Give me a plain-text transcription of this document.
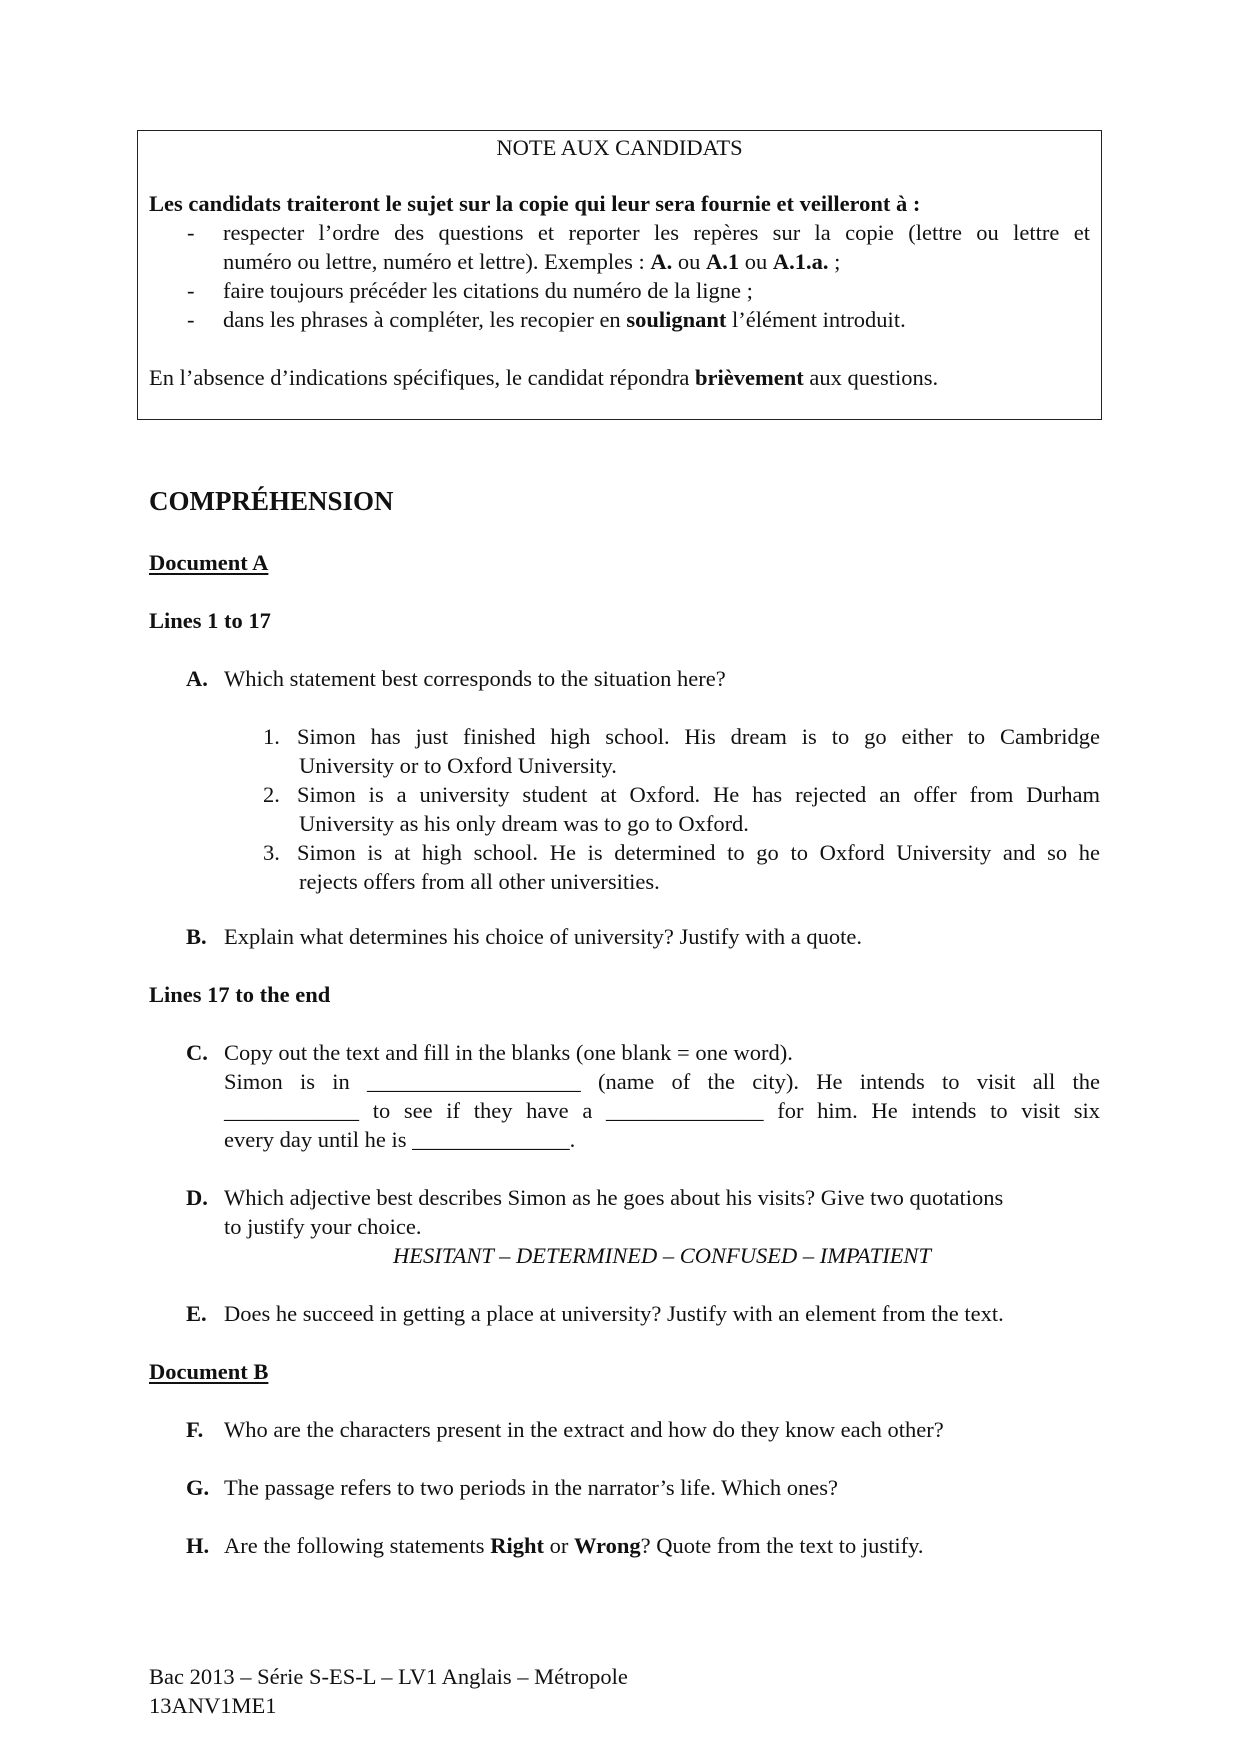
NOTE AUX CANDIDATS
Les candidats traiteront le sujet sur la copie qui leur sera fournie et veilleront à :
-	respecter l’ordre des questions et reporter les repères sur la copie (lettre ou lettre et
numéro ou lettre, numéro et lettre). Exemples : A. ou A.1 ou A.1.a. ;
-	faire toujours précéder les citations du numéro de la ligne ;
-	dans les phrases à compléter, les recopier en soulignant l’élément introduit.
En l’absence d’indications spécifiques, le candidat répondra brièvement aux questions.
COMPRÉHENSION
Document A
Lines 1 to 17
A. Which statement best corresponds to the situation here?
1. Simon has just finished high school. His dream is to go either to Cambridge
University or to Oxford University.
2. Simon is a university student at Oxford. He has rejected an offer from Durham
University as his only dream was to go to Oxford.
3. Simon is at high school. He is determined to go to Oxford University and so he
rejects offers from all other universities.
B. Explain what determines his choice of university? Justify with a quote.
Lines 17 to the end
C. Copy out the text and fill in the blanks (one blank = one word).
Simon is in ___________________ (name of the city). He intends to visit all the
____________ to see if they have a ______________ for him. He intends to visit six
every day until he is ______________.
D. Which adjective best describes Simon as he goes about his visits? Give two quotations
to justify your choice.
HESITANT – DETERMINED – CONFUSED – IMPATIENT
E. Does he succeed in getting a place at university? Justify with an element from the text.
Document B
F. Who are the characters present in the extract and how do they know each other?
G. The passage refers to two periods in the narrator’s life. Which ones?
H. Are the following statements Right or Wrong? Quote from the text to justify.
Bac 2013 – Série S-ES-L – LV1 Anglais – Métropole
13ANV1ME1
